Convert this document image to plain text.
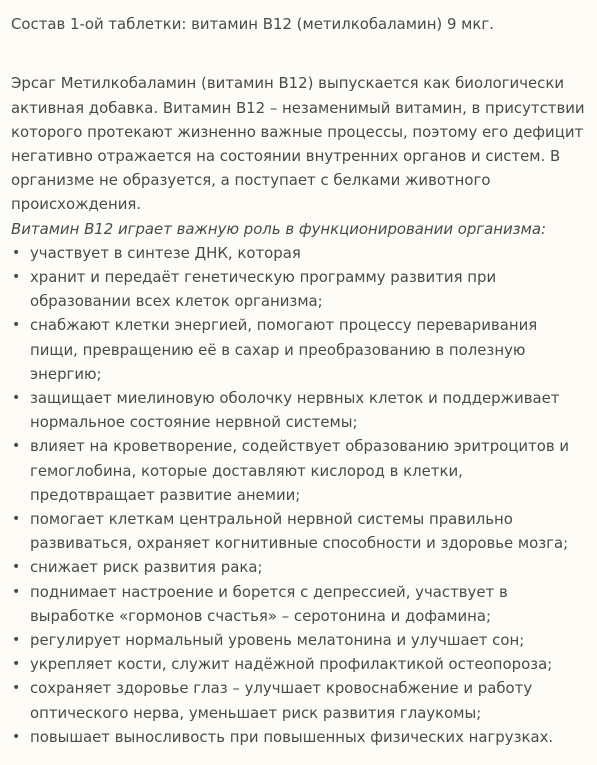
Состав 1-ой таблетки: витамин В12 (метилкобаламин) 9 мкг.

Эрсаг Метилкобаламин (витамин B12) выпускается как биологически активная добавка. Витамин B12 – незаменимый витамин, в присутствии которого протекают жизненно важные процессы, поэтому его дефицит негативно отражается на состоянии внутренних органов и систем. В организме не образуется, а поступает с белками животного происхождения.

Витамин B12 играет важную роль в функционировании организма:

• участвует в синтезе ДНК, которая
• хранит и передаёт генетическую программу развития при образовании всех клеток организма;
• снабжают клетки энергией, помогают процессу переваривания пищи, превращению её в сахар и преобразованию в полезную энергию;
• защищает миелиновую оболочку нервных клеток и поддерживает нормальное состояние нервной системы;
• влияет на кроветворение, содействует образованию эритроцитов и гемоглобина, которые доставляют кислород в клетки, предотвращает развитие анемии;
• помогает клеткам центральной нервной системы правильно развиваться, охраняет когнитивные способности и здоровье мозга;
• снижает риск развития рака;
• поднимает настроение и борется с депрессией, участвует в выработке «гормонов счастья» – серотонина и дофамина;
• регулирует нормальный уровень мелатонина и улучшает сон;
• укрепляет кости, служит надёжной профилактикой остеопороза;
• сохраняет здоровье глаз – улучшает кровоснабжение и работу оптического нерва, уменьшает риск развития глаукомы;
• повышает выносливость при повышенных физических нагрузках.
